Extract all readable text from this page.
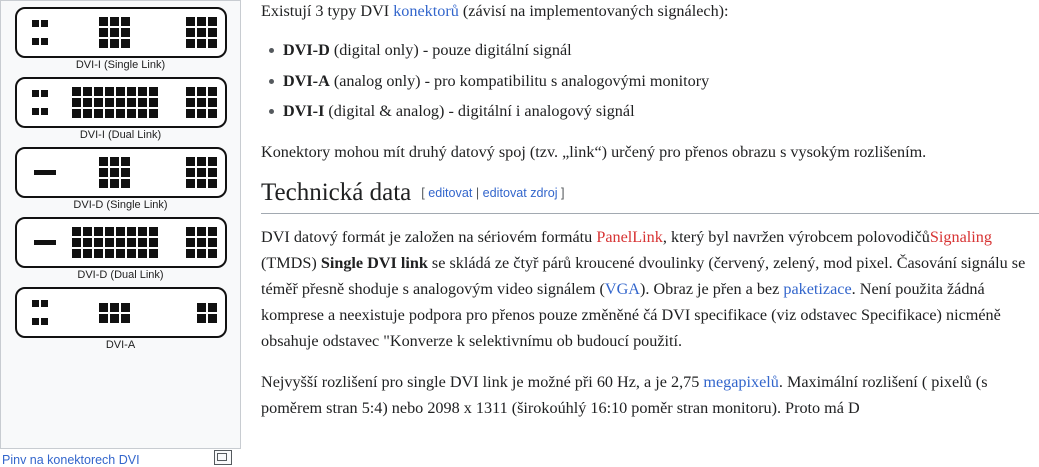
DVI-I (Single Link)
DVI-I (Dual Link)
DVI-D (Single Link)
DVI-D (Dual Link)
DVI-A
Pinv na konektorech DVI

Existují 3 typy DVI konektorů (závisí na implementovaných signálech):

DVI-D (digital only) - pouze digitální signál
DVI-A (analog only) - pro kompatibilitu s analogovými monitory
DVI-I (digital & analog) - digitální i analogový signál

Konektory mohou mít druhý datový spoj (tzv. „link“) určený pro přenos obrazu s vysokým rozlišením.

Technická data [ editovat | editovat zdroj ]

DVI datový formát je založen na sériovém formátu PanelLink, který byl navržen výrobcem polovodičůSignaling (TMDS) Single DVI link se skládá ze čtyř párů kroucené dvoulinky (červený, zelený, mod pixel. Časování signálu se téměř přesně shoduje s analogovým video signálem (VGA). Obraz je přen a bez paketizace. Není použita žádná komprese a neexistuje podpora pro přenos pouze změněné čá DVI specifikace (viz odstavec Specifikace) nicméně obsahuje odstavec "Konverze k selektivnímu ob budoucí použití.

Nejvyšší rozlišení pro single DVI link je možné při 60 Hz, a je 2,75 megapixelů. Maximální rozlišení ( pixelů (s poměrem stran 5:4) nebo 2098 x 1311 (širokoúhlý 16:10 poměr stran monitoru). Proto má D
